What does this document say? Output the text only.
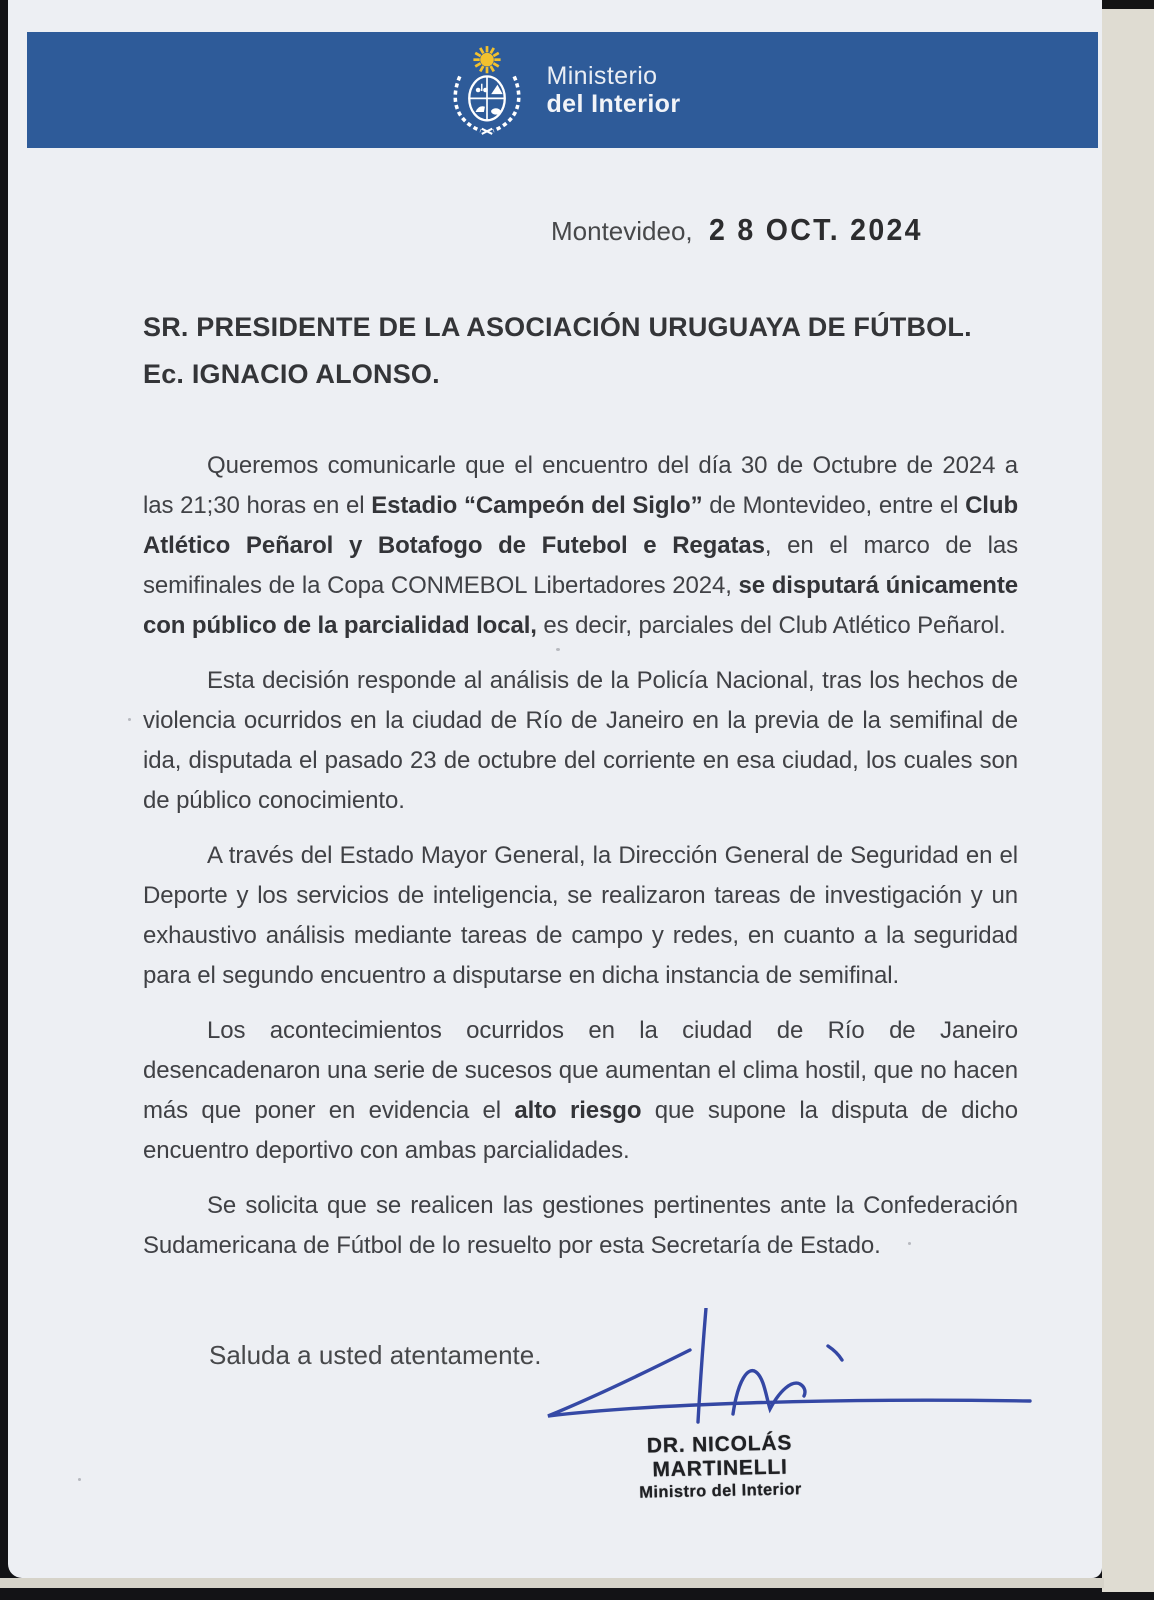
Ministerio
del Interior
Montevideo, 2 8 OCT. 2024
SR. PRESIDENTE DE LA ASOCIACIÓN URUGUAYA DE FÚTBOL.
Ec. IGNACIO ALONSO.

Queremos comunicarle que el encuentro del día 30 de Octubre de 2024 a las 21;30 horas en el Estadio “Campeón del Siglo” de Montevideo, entre el Club Atlético Peñarol y Botafogo de Futebol e Regatas, en el marco de las semifinales de la Copa CONMEBOL Libertadores 2024, se disputará únicamente con público de la parcialidad local, es decir, parciales del Club Atlético Peñarol.

Esta decisión responde al análisis de la Policía Nacional, tras los hechos de violencia ocurridos en la ciudad de Río de Janeiro en la previa de la semifinal de ida, disputada el pasado 23 de octubre del corriente en esa ciudad, los cuales son de público conocimiento.

A través del Estado Mayor General, la Dirección General de Seguridad en el Deporte y los servicios de inteligencia, se realizaron tareas de investigación y un exhaustivo análisis mediante tareas de campo y redes, en cuanto a la seguridad para el segundo encuentro a disputarse en dicha instancia de semifinal.

Los acontecimientos ocurridos en la ciudad de Río de Janeiro desencadenaron una serie de sucesos que aumentan el clima hostil, que no hacen más que poner en evidencia el alto riesgo que supone la disputa de dicho encuentro deportivo con ambas parcialidades.

Se solicita que se realicen las gestiones pertinentes ante la Confederación Sudamericana de Fútbol de lo resuelto por esta Secretaría de Estado.

Saluda a usted atentamente.
DR. NICOLÁS MARTINELLI
Ministro del Interior
